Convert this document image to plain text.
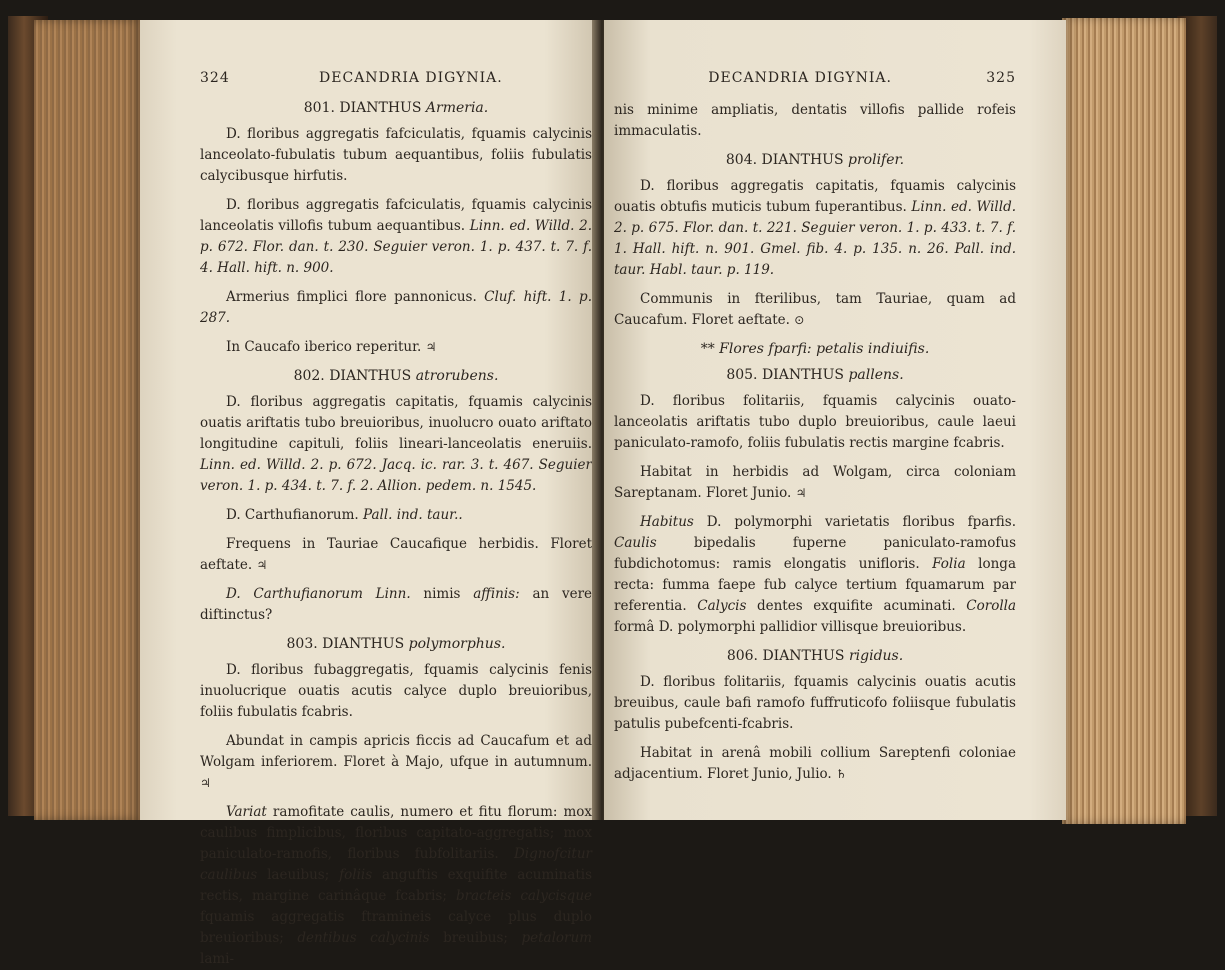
324	DECANDRIA DIGYNIA.
801. DIANTHUS Armeria.

D. floribus aggregatis fafciculatis, fquamis calycinis lanceolato-fubulatis tubum aequantibus, foliis fubulatis calycibusque hirfutis.

D. floribus aggregatis fafciculatis, fquamis calycinis lanceolatis villofis tubum aequantibus. Linn. ed. Willd. 2. p. 672. Flor. dan. t. 230. Seguier veron. 1. p. 437. t. 7. f. 4. Hall. hift. n. 900.

Armerius fimplici flore pannonicus. Cluf. hift. 1. p. 287.

In Caucafo iberico reperitur. ♃

802. DIANTHUS atrorubens.

D. floribus aggregatis capitatis, fquamis calycinis ouatis ariftatis tubo breuioribus, inuolucro ouato ariftato longitudine capituli, foliis lineari-lanceolatis eneruiis. Linn. ed. Willd. 2. p. 672. Jacq. ic. rar. 3. t. 467. Seguier veron. 1. p. 434. t. 7. f. 2. Allion. pedem. n. 1545.

D. Carthufianorum. Pall. ind. taur..

Frequens in Tauriae Caucafique herbidis. Floret aeftate. ♃

D. Carthufianorum Linn. nimis affinis: an vere diftinctus?

803. DIANTHUS polymorphus.

D. floribus fubaggregatis, fquamis calycinis fenis inuolucrique ouatis acutis calyce duplo breuioribus, foliis fubulatis fcabris.

Abundat in campis apricis ficcis ad Caucafum et ad Wolgam inferiorem. Floret à Majo, ufque in autumnum. ♃

Variat ramofitate caulis, numero et fitu florum: mox caulibus fimplicibus, floribus capitato-aggregatis; mox paniculato-ramofis, floribus fubfolitariis. Dignofcitur caulibus laeuibus; foliis anguftis exquifite acuminatis rectis, margine carinâque fcabris; bracteis calycisque fquamis aggregatis ftramineis calyce plus duplo breuioribus; dentibus calycinis breuibus; petalorum lami-

DECANDRIA DIGYNIA.	325

nis minime ampliatis, dentatis villofis pallide rofeis immaculatis.

804. DIANTHUS prolifer.

D. floribus aggregatis capitatis, fquamis calycinis ouatis obtufis muticis tubum fuperantibus. Linn. ed. Willd. 2. p. 675. Flor. dan. t. 221. Seguier veron. 1. p. 433. t. 7. f. 1. Hall. hift. n. 901. Gmel. fib. 4. p. 135. n. 26. Pall. ind. taur. Habl. taur. p. 119.

Communis in fterilibus, tam Tauriae, quam ad Caucafum. Floret aeftate. ⊙

** Flores fparfi: petalis indiuifis.
805. DIANTHUS pallens.

D. floribus folitariis, fquamis calycinis ouato-lanceolatis ariftatis tubo duplo breuioribus, caule laeui paniculato-ramofo, foliis fubulatis rectis margine fcabris.

Habitat in herbidis ad Wolgam, circa coloniam Sareptanam. Floret Junio. ♃

Habitus D. polymorphi varietatis floribus fparfis. Caulis	bipedalis fuperne paniculato-ramofus fubdichotomus: ramis elongatis unifloris. Folia longa recta: fumma faepe fub calyce tertium fquamarum par referentia. Calycis dentes exquifite acuminati. Corolla formâ D. polymorphi pallidior villisque breuioribus.

806. DIANTHUS rigidus.

D. floribus folitariis, fquamis calycinis ouatis acutis breuibus, caule bafi ramofo fuffruticofo foliisque fubulatis patulis pubefcenti-fcabris.

Habitat in arenâ mobili collium Sareptenfi coloniae adjacentium. Floret Junio, Julio. ♄
